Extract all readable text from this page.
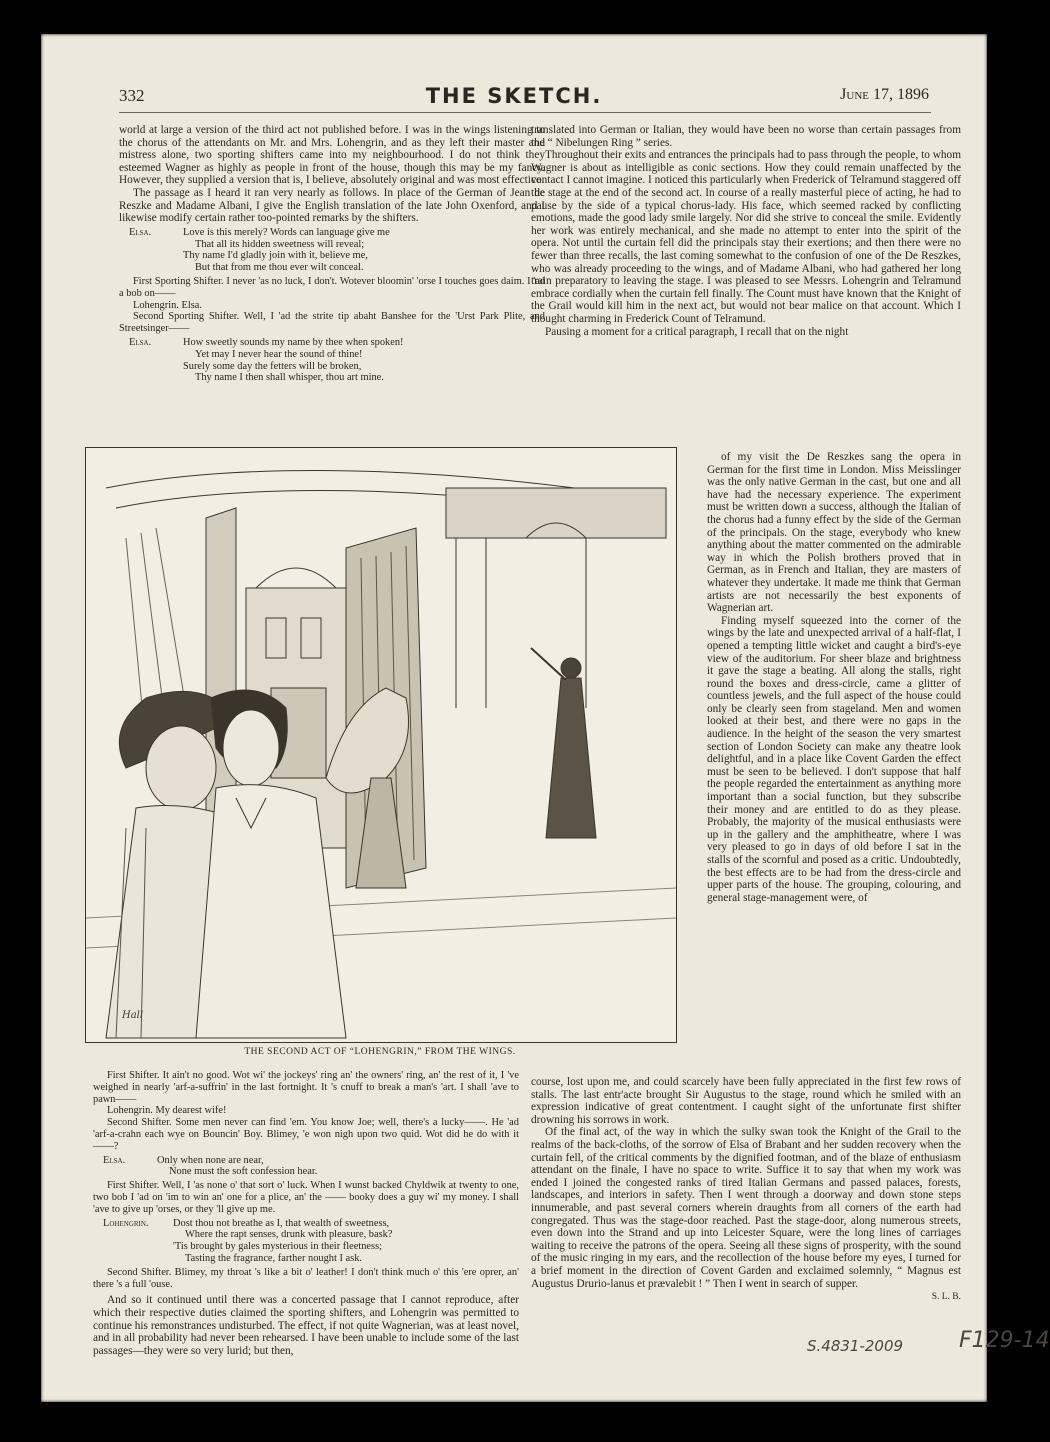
332	THE SKETCH.	June 17, 1896

world at large a version of the third act not published before. I was in the wings listening to the chorus of the attendants on Mr. and Mrs. Lohengrin, and as they left their master and mistress alone, two sporting shifters came into my neighbourhood. I do not think they esteemed Wagner as highly as people in front of the house, though this may be my fancy. However, they supplied a version that is, I believe, absolutely original and was most effective.

The passage as I heard it ran very nearly as follows. In place of the German of Jean de Reszke and Madame Albani, I give the English translation of the late John Oxenford, and I likewise modify certain rather too-pointed remarks by the shifters.

Elsa.	Love is this merely? Words can language give me
That all its hidden sweetness will reveal;
Thy name I'd gladly join with it, believe me,
But that from me thou ever wilt conceal.

First Sporting Shifter. I never 'as no luck, I don't. Wotever bloomin' 'orse I touches goes daim. I 'ad a bob on——

Lohengrin. Elsa.

Second Sporting Shifter. Well, I 'ad the strite tip abaht Banshee for the 'Urst Park Plite, and Streetsinger——

Elsa.	How sweetly sounds my name by thee when spoken!
Yet may I never hear the sound of thine!
Surely some day the fetters will be broken,
Thy name I then shall whisper, thou art mine.

translated into German or Italian, they would have been no worse than certain passages from the “ Nibelungen Ring ” series.

Throughout their exits and entrances the principals had to pass through the people, to whom Wagner is about as intelligible as conic sections. How they could remain unaffected by the contact I cannot imagine. I noticed this particularly when Frederick of Telramund staggered off the stage at the end of the second act. In course of a really masterful piece of acting, he had to pause by the side of a typical chorus-lady. His face, which seemed racked by conflicting emotions, made the good lady smile largely. Nor did she strive to conceal the smile. Evidently her work was entirely mechanical, and she made no attempt to enter into the spirit of the opera. Not until the curtain fell did the principals stay their exertions; and then there were no fewer than three recalls, the last coming somewhat to the confusion of one of the De Reszkes, who was already proceeding to the wings, and of Madame Albani, who had gathered her long train preparatory to leaving the stage. I was pleased to see Messrs. Lohengrin and Telramund embrace cordially when the curtain fell finally. The Count must have known that the Knight of the Grail would kill him in the next act, but would not bear malice on that account. Which I thought charming in Frederick Count of Telramund.

Pausing a moment for a critical paragraph, I recall that on the night

Hall
THE SECOND ACT OF “LOHENGRIN,” FROM THE WINGS.

of my visit the De Reszkes sang the opera in German for the first time in London. Miss Meisslinger was the only native German in the cast, but one and all have had the necessary experience. The experiment must be written down a success, although the Italian of the chorus had a funny effect by the side of the German of the principals. On the stage, everybody who knew anything about the matter commented on the admirable way in which the Polish brothers proved that in German, as in French and Italian, they are masters of whatever they undertake. It made me think that German artists are not necessarily the best exponents of Wagnerian art.

Finding myself squeezed into the corner of the wings by the late and unexpected arrival of a half-flat, I opened a tempting little wicket and caught a bird's-eye view of the auditorium. For sheer blaze and brightness it gave the stage a beating. All along the stalls, right round the boxes and dress-circle, came a glitter of countless jewels, and the full aspect of the house could only be clearly seen from stageland. Men and women looked at their best, and there were no gaps in the audience. In the height of the season the very smartest section of London Society can make any theatre look delightful, and in a place like Covent Garden the effect must be seen to be believed. I don't suppose that half the people regarded the entertainment as anything more important than a social function, but they subscribe their money and are entitled to do as they please. Probably, the majority of the musical enthusiasts were up in the gallery and the amphitheatre, where I was very pleased to go in days of old before I sat in the stalls of the scornful and posed as a critic. Undoubtedly, the best effects are to be had from the dress-circle and upper parts of the house. The grouping, colouring, and general stage-management were, of

First Shifter. It ain't no good. Wot wi' the jockeys' ring an' the owners' ring, an' the rest of it, I 've weighed in nearly 'arf-a-suffrin' in the last fortnight. It 's cnuff to break a man's 'art. I shall 'ave to pawn——

Lohengrin. My dearest wife!

Second Shifter. Some men never can find 'em. You know Joe; well, there's a lucky——. He 'ad 'arf-a-crahn each wye on Bouncin' Boy. Blimey, 'e won nigh upon two quid. Wot did he do with it——?

Elsa.	Only when none are near,
None must the soft confession hear.

First Shifter. Well, I 'as none o' that sort o' luck. When I wunst backed Chyldwik at twenty to one, two bob I 'ad on 'im to win an' one for a plice, an' the —— booky does a guy wi' my money. I shall 'ave to give up 'orses, or they 'll give up me.

Lohengrin.	Dost thou not breathe as I, that wealth of sweetness,
Where the rapt senses, drunk with pleasure, bask?
'Tis brought by gales mysterious in their fleetness;
Tasting the fragrance, farther nought I ask.

Second Shifter. Blimey, my throat 's like a bit o' leather! I don't think much o' this 'ere oprer, an' there 's a full 'ouse.

And so it continued until there was a concerted passage that I cannot reproduce, after which their respective duties claimed the sporting shifters, and Lohengrin was permitted to continue his remonstrances undisturbed. The effect, if not quite Wagnerian, was at least novel, and in all probability had never been rehearsed. I have been unable to include some of the last passages—they were so very lurid; but then,

course, lost upon me, and could scarcely have been fully appreciated in the first few rows of stalls. The last entr'acte brought Sir Augustus to the stage, round which he smiled with an expression indicative of great contentment. I caught sight of the unfortunate first shifter drowning his sorrows in work.

Of the final act, of the way in which the sulky swan took the Knight of the Grail to the realms of the back-cloths, of the sorrow of Elsa of Brabant and her sudden recovery when the curtain fell, of the critical comments by the dignified footman, and of the blaze of enthusiasm attendant on the finale, I have no space to write. Suffice it to say that when my work was ended I joined the congested ranks of tired Italian Germans and passed palaces, forests, landscapes, and interiors in safety. Then I went through a doorway and down stone steps innumerable, and past several corners wherein draughts from all corners of the earth had congregated. Thus was the stage-door reached. Past the stage-door, along numerous streets, even down into the Strand and up into Leicester Square, were the long lines of carriages waiting to receive the patrons of the opera. Seeing all these signs of prosperity, with the sound of the music ringing in my ears, and the recollection of the house before my eyes, I turned for a brief moment in the direction of Covent Garden and exclaimed solemnly, “ Magnus est Augustus Drurio-lanus et prævalebit ! ” Then I went in search of supper.

S. L. B.
S.4831-2009	F129-14
